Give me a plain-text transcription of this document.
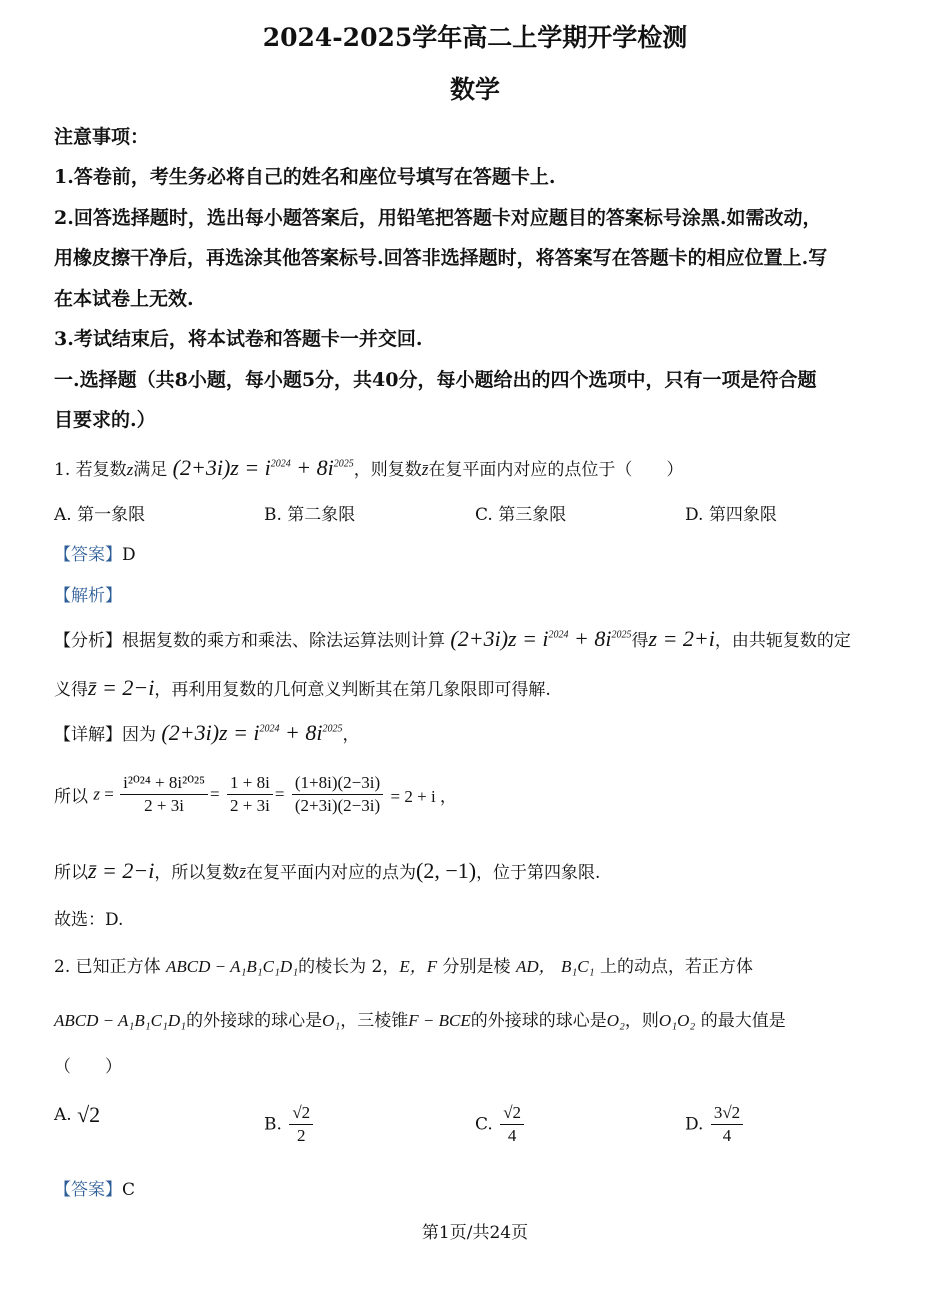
2024-2025学年高二上学期开学检测
数学
注意事项：
1.答卷前，考生务必将自己的姓名和座位号填写在答题卡上.
2.回答选择题时，选出每小题答案后，用铅笔把答题卡对应题目的答案标号涂黑.如需改动，
用橡皮擦干净后，再选涂其他答案标号.回答非选择题时，将答案写在答题卡的相应位置上.写
在本试卷上无效.
3.考试结束后，将本试卷和答题卡一并交回.
一.选择题（共8小题，每小题5分，共40分，每小题给出的四个选项中，只有一项是符合题
目要求的.）
1. 若复数z满足 $(2+3i)z = i^{2024} + 8i^{2025}$，则复数z̄在复平面内对应的点位于（　　）
A. 第一象限	B. 第二象限	C. 第三象限	D. 第四象限
【答案】D
【解析】
【分析】根据复数的乘方和乘法、除法运算法则计算 $(2+3i)z = i^{2024} + 8i^{2025}$得z = 2+i，由共轭复数的定
义得z̄ = 2−i，再利用复数的几何意义判断其在第几象限即可得解.
【详解】因为 $(2+3i)z = i^{2024} + 8i^{2025}$，
所以 $z = \frac{\text{i²⁰²⁴ + 8i²⁰²⁵}}{2 + 3i} = \frac{1 + 8i}{2 + 3i} = \frac{(1+8i)(2-3i)}{(2+3i)(2-3i)} = 2 + i$ ，
所以z̄ = 2−i，所以复数z̄在复平面内对应的点为(2, −1)，位于第四象限.
故选：D.
2. 已知正方体 ABCD − A₁B₁C₁D₁的棱长为 2，E，F 分别是棱 AD， B₁C₁ 上的动点，若正方体
ABCD − A₁B₁C₁D₁的外接球的球心是O₁，三棱锥F − BCE的外接球的球心是O₂，则O₁O₂ 的最大值是
（　　）
A. √2	B. $\frac{√2}{2}$	C. $\frac{√2}{4}$	D. $\frac{3√2}{4}$
【答案】C
第1页/共24页
